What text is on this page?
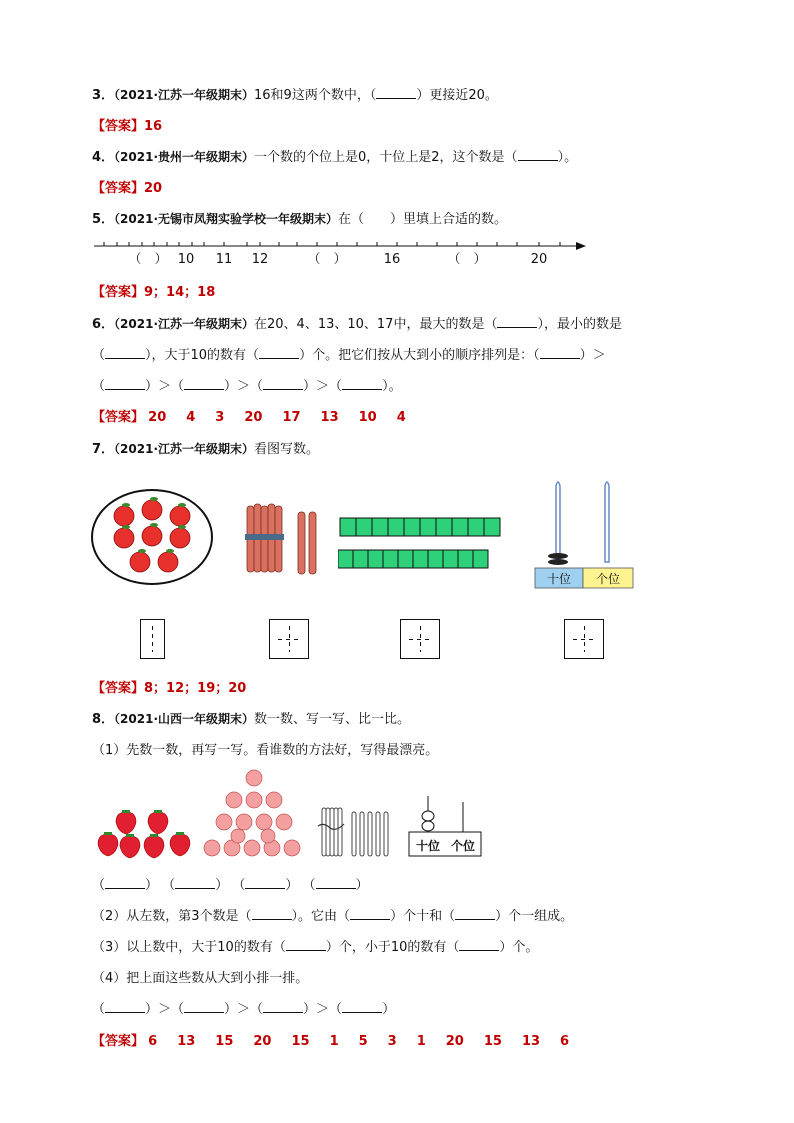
3．（2021·江苏一年级期末）16和9这两个数中，（	）更接近20。
【答案】16
4．（2021·贵州一年级期末）一个数的个位上是0，十位上是2，这个数是（	）。
【答案】20
5．（2021·无锡市凤翔实验学校一年级期末）在（　　）里填上合适的数。
（　） 10 11 12	（　）	16	（　）	20
【答案】9；14；18
6．（2021·江苏一年级期末）在20、4、13、10、17中，最大的数是（	），最小的数是
（	），大于10的数有（	）个。把它们按从大到小的顺序排列是：（	）＞
（	）＞（	）＞（	）＞（	）。
【答案】 20 4 3 20 17 13 10 4
7．（2021·江苏一年级期末）看图写数。
十位 个位
【答案】8；12；19；20
8．（2021·山西一年级期末）数一数、写一写、比一比。
（1）先数一数，再写一写。看谁数的方法好，写得最漂亮。
十位 个位
（	） （	） （	） （	）
（2）从左数，第3个数是（	）。它由（	）个十和（	）个一组成。
（3）以上数中，大于10的数有（	）个，小于10的数有（	）个。
（4）把上面这些数从大到小排一排。
（	）＞（	）＞（	）＞（	）
【答案】 6 13 15 20 15 1 5 3 1 20 15 13 6
